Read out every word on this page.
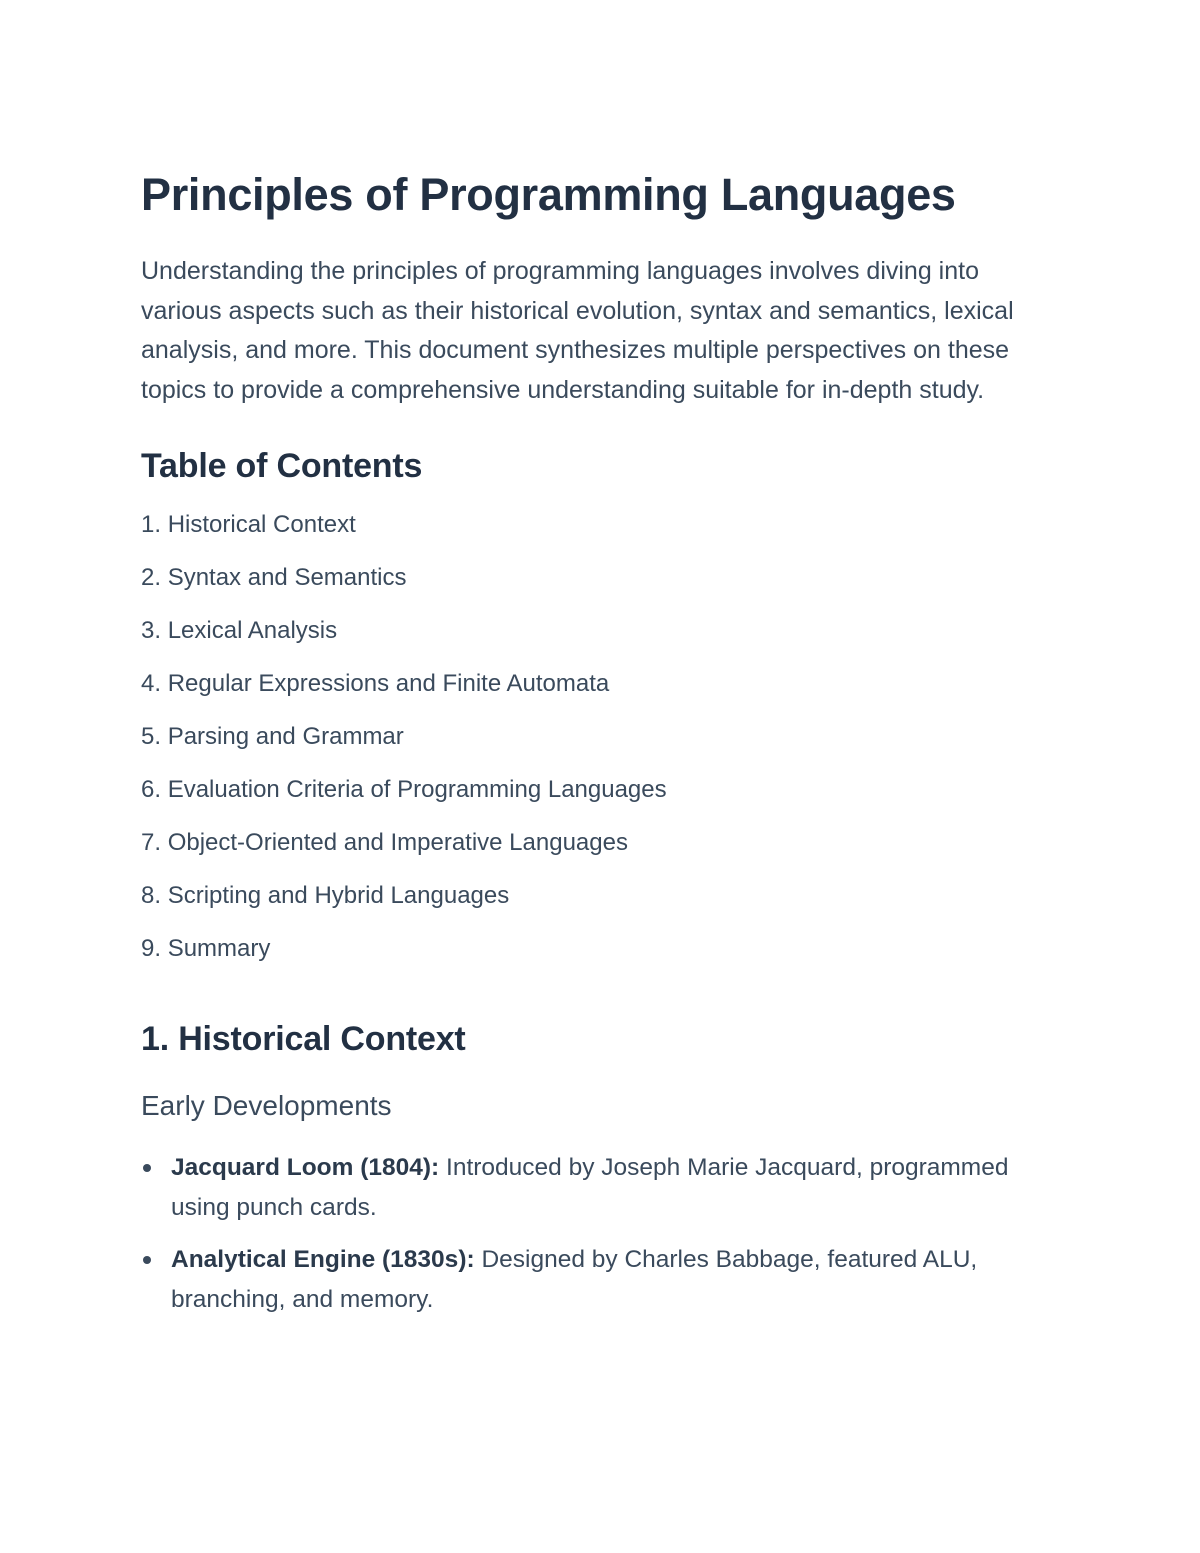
Principles of Programming Languages

Understanding the principles of programming languages involves diving into various aspects such as their historical evolution, syntax and semantics, lexical analysis, and more. This document synthesizes multiple perspectives on these topics to provide a comprehensive understanding suitable for in-depth study.

Table of Contents
1. Historical Context
2. Syntax and Semantics
3. Lexical Analysis
4. Regular Expressions and Finite Automata
5. Parsing and Grammar
6. Evaluation Criteria of Programming Languages
7. Object-Oriented and Imperative Languages
8. Scripting and Hybrid Languages
9. Summary
1. Historical Context
Early Developments
Jacquard Loom (1804): Introduced by Joseph Marie Jacquard, programmed using punch cards.
Analytical Engine (1830s): Designed by Charles Babbage, featured ALU, branching, and memory.
